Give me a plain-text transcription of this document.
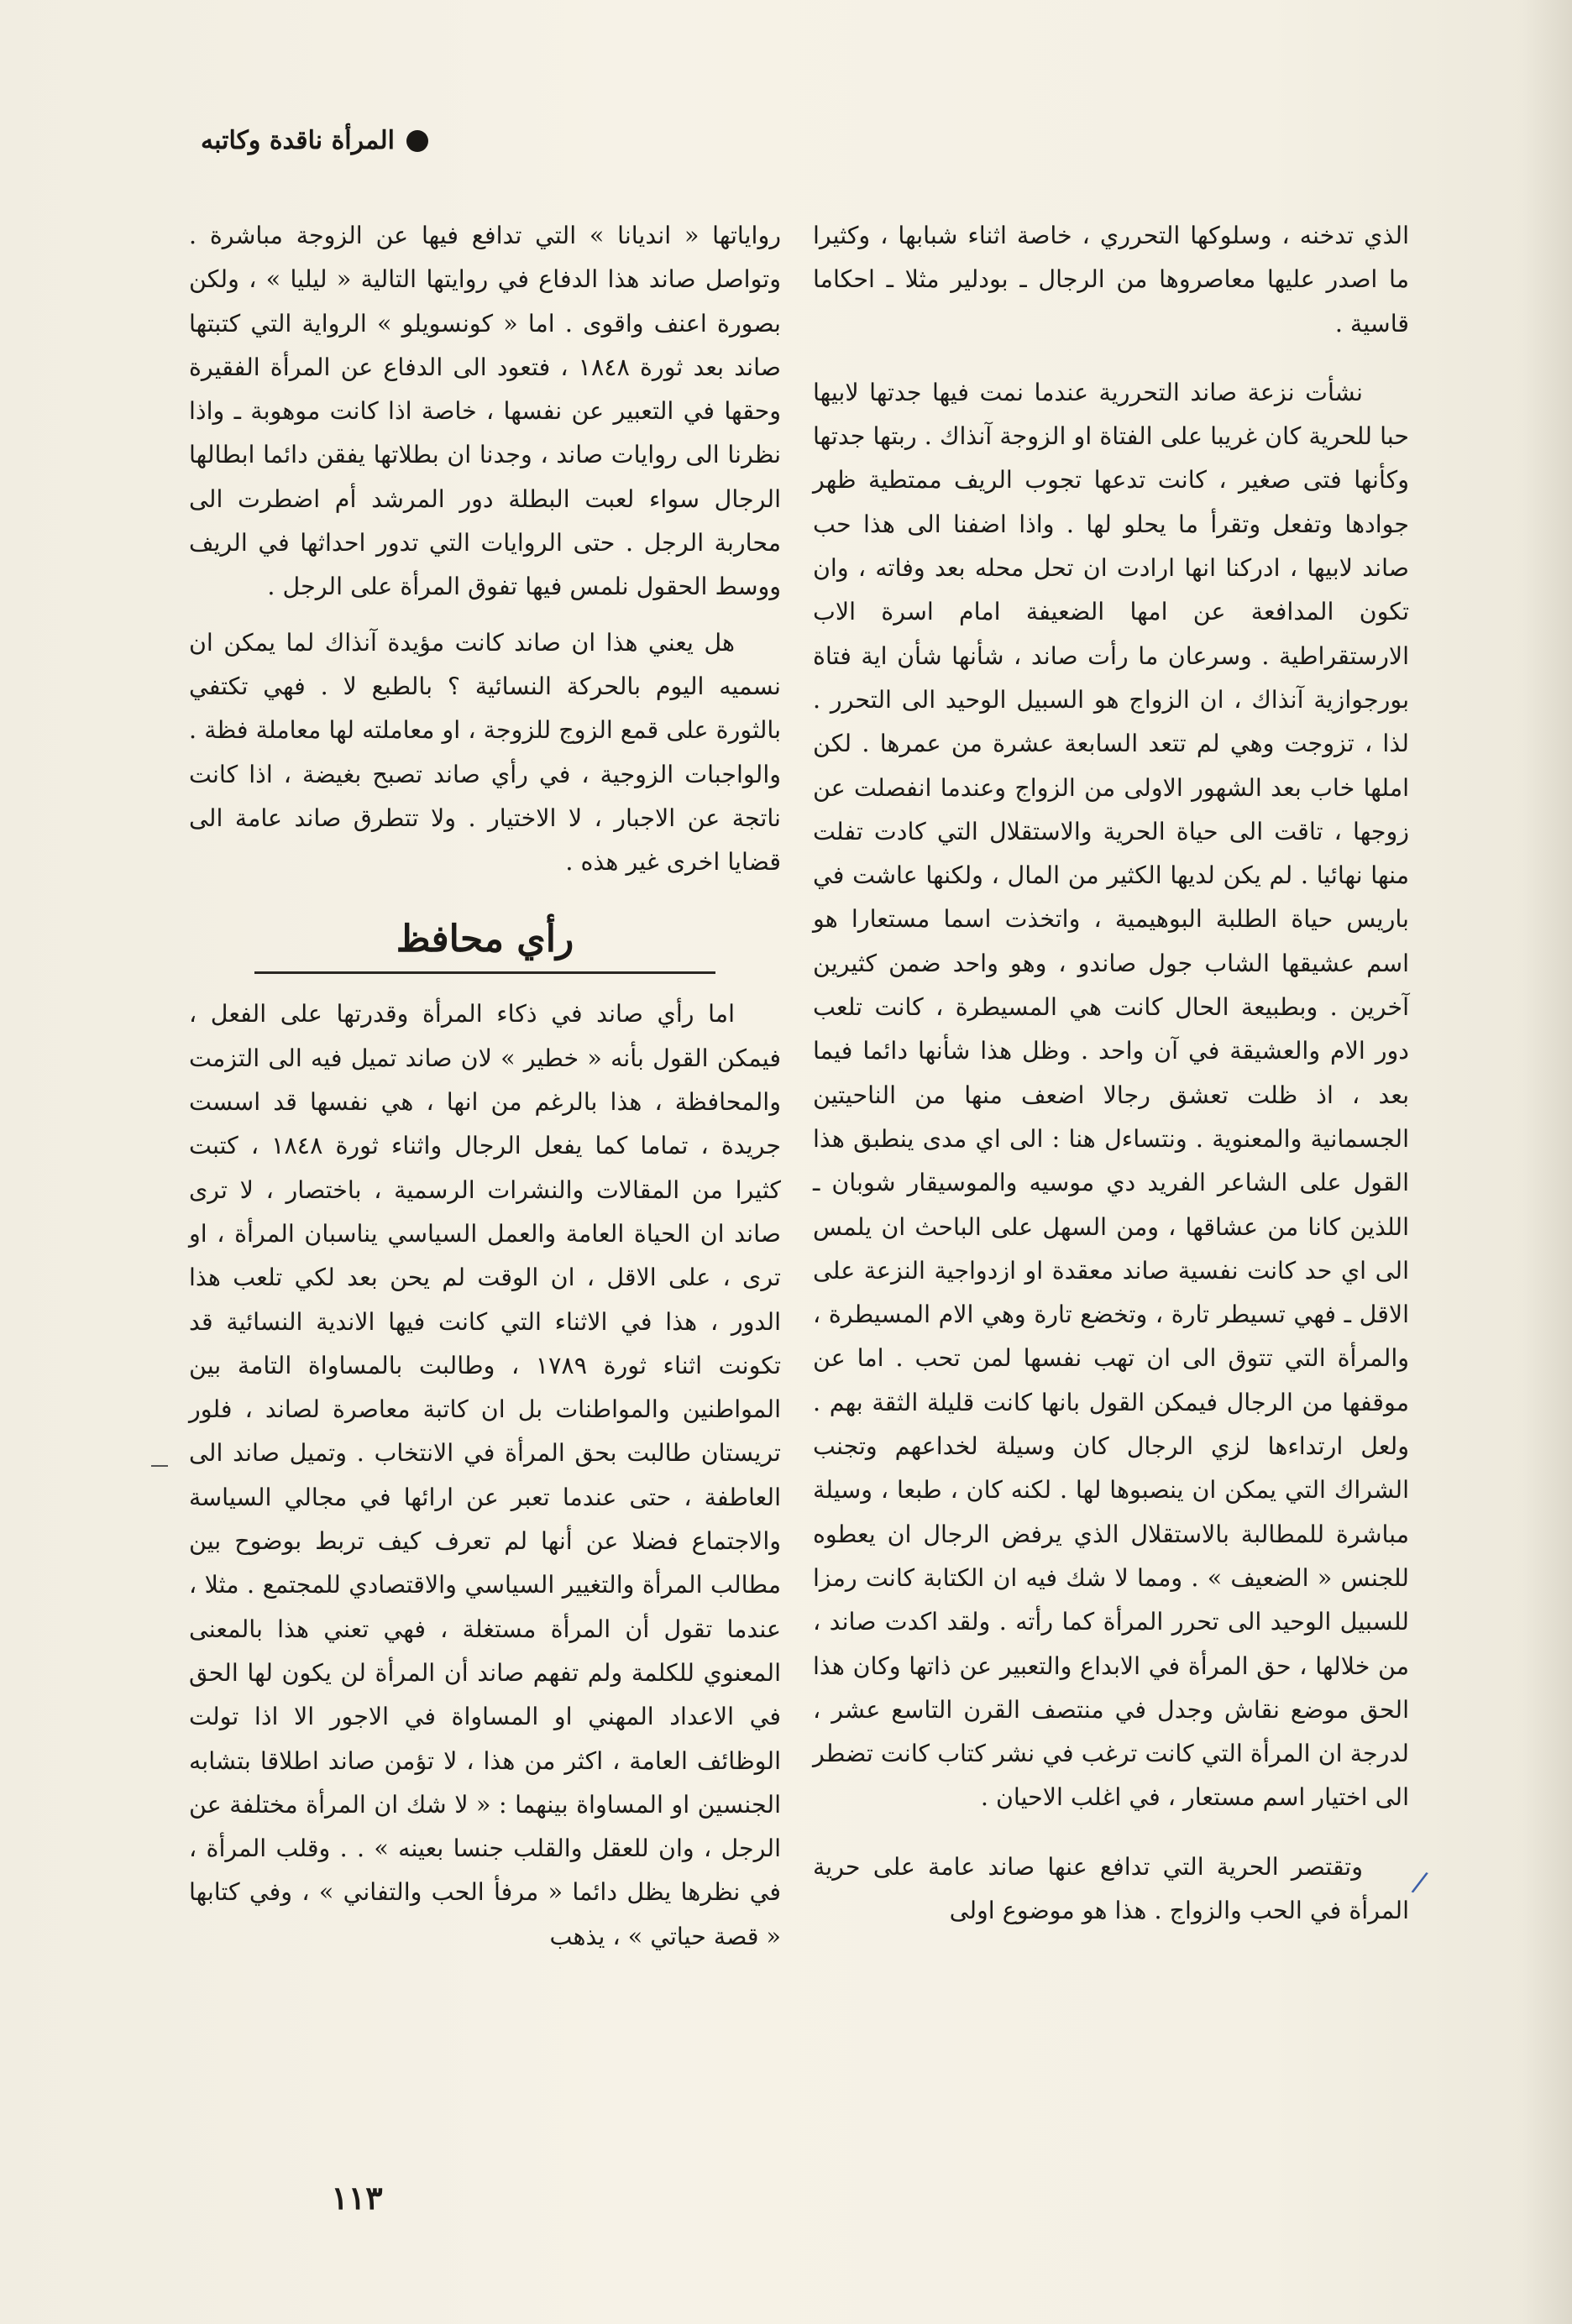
المرأة ناقدة وكاتبه

الذي تدخنه ، وسلوكها التحرري ، خاصة اثناء شبابها ، وكثيرا ما اصدر عليها معاصروها من الرجال ـ بودلير مثلا ـ احكاما قاسية .

نشأت نزعة صاند التحررية عندما نمت فيها جدتها لابيها حبا للحرية كان غريبا على الفتاة او الزوجة آنذاك . ربتها جدتها وكأنها فتى صغير ، كانت تدعها تجوب الريف ممتطية ظهر جوادها وتفعل وتقرأ ما يحلو لها . واذا اضفنا الى هذا حب صاند لابيها ، ادركنا انها ارادت ان تحل محله بعد وفاته ، وان تكون المدافعة عن امها الضعيفة امام اسرة الاب الارستقراطية . وسرعان ما رأت صاند ، شأنها شأن اية فتاة بورجوازية آنذاك ، ان الزواج هو السبيل الوحيد الى التحرر . لذا ، تزوجت وهي لم تتعد السابعة عشرة من عمرها . لكن املها خاب بعد الشهور الاولى من الزواج وعندما انفصلت عن زوجها ، تاقت الى حياة الحرية والاستقلال التي كادت تفلت منها نهائيا . لم يكن لديها الكثير من المال ، ولكنها عاشت في باريس حياة الطلبة البوهيمية ، واتخذت اسما مستعارا هو اسم عشيقها الشاب جول صاندو ، وهو واحد ضمن كثيرين آخرين . وبطبيعة الحال كانت هي المسيطرة ، كانت تلعب دور الام والعشيقة في آن واحد . وظل هذا شأنها دائما فيما بعد ، اذ ظلت تعشق رجالا اضعف منها من الناحيتين الجسمانية والمعنوية . ونتساءل هنا : الى اي مدى ينطبق هذا القول على الشاعر الفريد دي موسيه والموسيقار شوبان ـ اللذين كانا من عشاقها ، ومن السهل على الباحث ان يلمس الى اي حد كانت نفسية صاند معقدة او ازدواجية النزعة على الاقل ـ فهي تسيطر تارة ، وتخضع تارة وهي الام المسيطرة ، والمرأة التي تتوق الى ان تهب نفسها لمن تحب . اما عن موقفها من الرجال فيمكن القول بانها كانت قليلة الثقة بهم . ولعل ارتداءها لزي الرجال كان وسيلة لخداعهم وتجنب الشراك التي يمكن ان ينصبوها لها . لكنه كان ، طبعا ، وسيلة مباشرة للمطالبة بالاستقلال الذي يرفض الرجال ان يعطوه للجنس « الضعيف » . ومما لا شك فيه ان الكتابة كانت رمزا للسبيل الوحيد الى تحرر المرأة كما رأته . ولقد اكدت صاند ، من خلالها ، حق المرأة في الابداع والتعبير عن ذاتها وكان هذا الحق موضع نقاش وجدل في منتصف القرن التاسع عشر ، لدرجة ان المرأة التي كانت ترغب في نشر كتاب كانت تضطر الى اختيار اسم مستعار ، في اغلب الاحيان .

وتقتصر الحرية التي تدافع عنها صاند عامة على حرية المرأة في الحب والزواج . هذا هو موضوع اولى

رواياتها « انديانا » التي تدافع فيها عن الزوجة مباشرة . وتواصل صاند هذا الدفاع في روايتها التالية « ليليا » ، ولكن بصورة اعنف واقوى . اما « كونسويلو » الرواية التي كتبتها صاند بعد ثورة ١٨٤٨ ، فتعود الى الدفاع عن المرأة الفقيرة وحقها في التعبير عن نفسها ، خاصة اذا كانت موهوبة ـ واذا نظرنا الى روايات صاند ، وجدنا ان بطلاتها يفقن دائما ابطالها الرجال سواء لعبت البطلة دور المرشد أم اضطرت الى محاربة الرجل . حتى الروايات التي تدور احداثها في الريف ووسط الحقول نلمس فيها تفوق المرأة على الرجل .

هل يعني هذا ان صاند كانت مؤيدة آنذاك لما يمكن ان نسميه اليوم بالحركة النسائية ؟ بالطبع لا . فهي تكتفي بالثورة على قمع الزوج للزوجة ، او معاملته لها معاملة فظة . والواجبات الزوجية ، في رأي صاند تصبح بغيضة ، اذا كانت ناتجة عن الاجبار ، لا الاختيار . ولا تتطرق صاند عامة الى قضايا اخرى غير هذه .

رأي محافظ

اما رأي صاند في ذكاء المرأة وقدرتها على الفعل ، فيمكن القول بأنه « خطير » لان صاند تميل فيه الى التزمت والمحافظة ، هذا بالرغم من انها ، هي نفسها قد اسست جريدة ، تماما كما يفعل الرجال واثناء ثورة ١٨٤٨ ، كتبت كثيرا من المقالات والنشرات الرسمية ، باختصار ، لا ترى صاند ان الحياة العامة والعمل السياسي يناسبان المرأة ، او ترى ، على الاقل ، ان الوقت لم يحن بعد لكي تلعب هذا الدور ، هذا في الاثناء التي كانت فيها الاندية النسائية قد تكونت اثناء ثورة ١٧٨٩ ، وطالبت بالمساواة التامة بين المواطنين والمواطنات بل ان كاتبة معاصرة لصاند ، فلور تريستان طالبت بحق المرأة في الانتخاب . وتميل صاند الى العاطفة ، حتى عندما تعبر عن ارائها في مجالي السياسة والاجتماع فضلا عن أنها لم تعرف كيف تربط بوضوح بين مطالب المرأة والتغيير السياسي والاقتصادي للمجتمع . مثلا ، عندما تقول أن المرأة مستغلة ، فهي تعني هذا بالمعنى المعنوي للكلمة ولم تفهم صاند أن المرأة لن يكون لها الحق في الاعداد المهني او المساواة في الاجور الا اذا تولت الوظائف العامة ، اكثر من هذا ، لا تؤمن صاند اطلاقا بتشابه الجنسين او المساواة بينهما : « لا شك ان المرأة مختلفة عن الرجل ، وان للعقل والقلب جنسا بعينه » . . وقلب المرأة ، في نظرها يظل دائما « مرفأ الحب والتفاني » ، وفي كتابها « قصة حياتي » ، يذهب

١١٣
/
